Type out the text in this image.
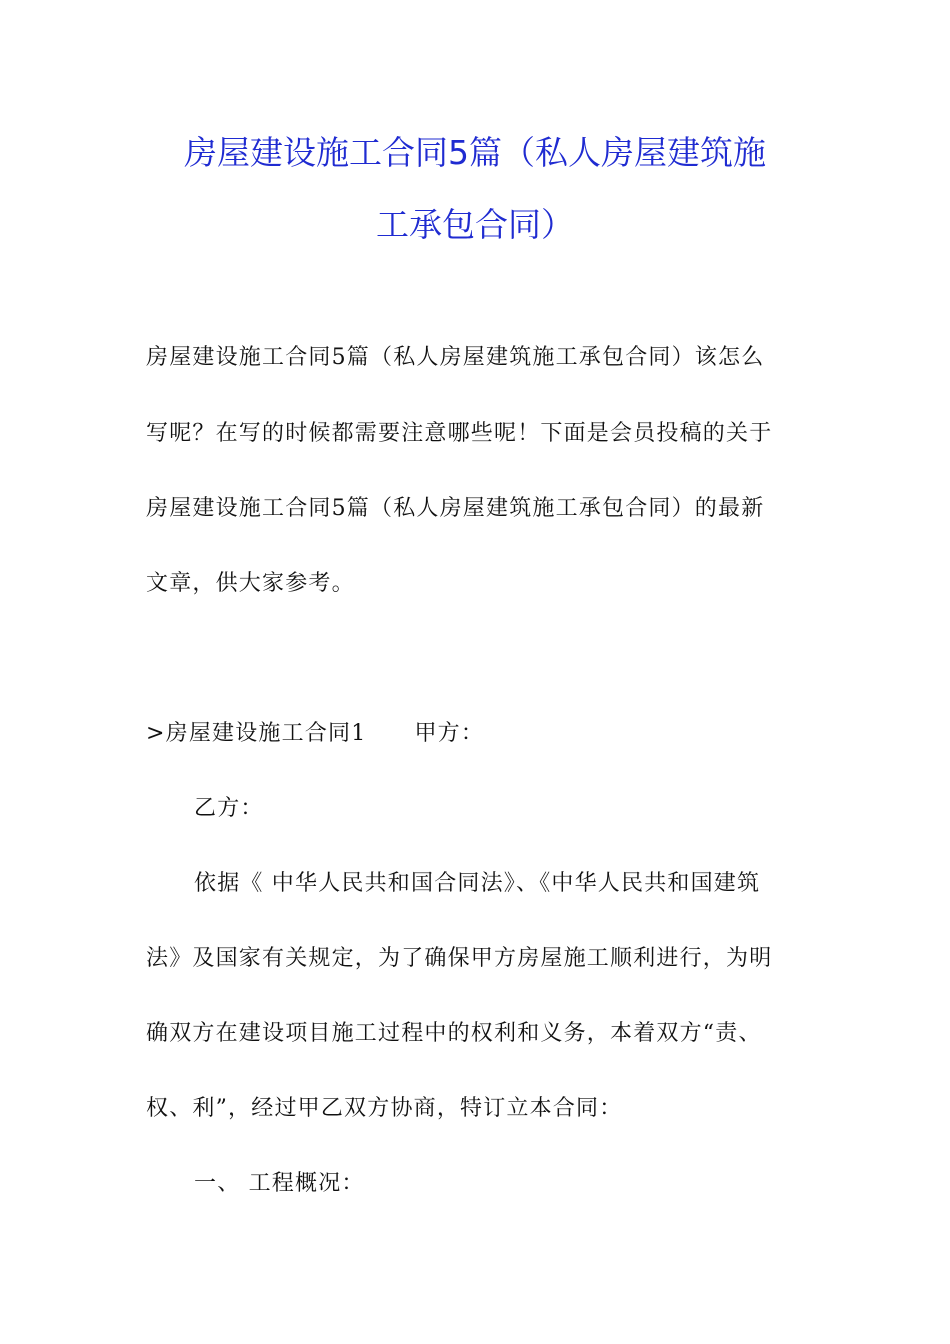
房屋建设施工合同5篇（私人房屋建筑施
工承包合同）
房屋建设施工合同5篇（私人房屋建筑施工承包合同）该怎么
写呢？在写的时候都需要注意哪些呢！下面是会员投稿的关于
房屋建设施工合同5篇（私人房屋建筑施工承包合同）的最新
文章，供大家参考。
>房屋建设施工合同1 甲方：
乙方：
依据《 中华人民共和国合同法》、《中华人民共和国建筑
法》及国家有关规定，为了确保甲方房屋施工顺利进行，为明
确双方在建设项目施工过程中的权利和义务，本着双方“责、
权、利”，经过甲乙双方协商，特订立本合同：
一、 工程概况：
